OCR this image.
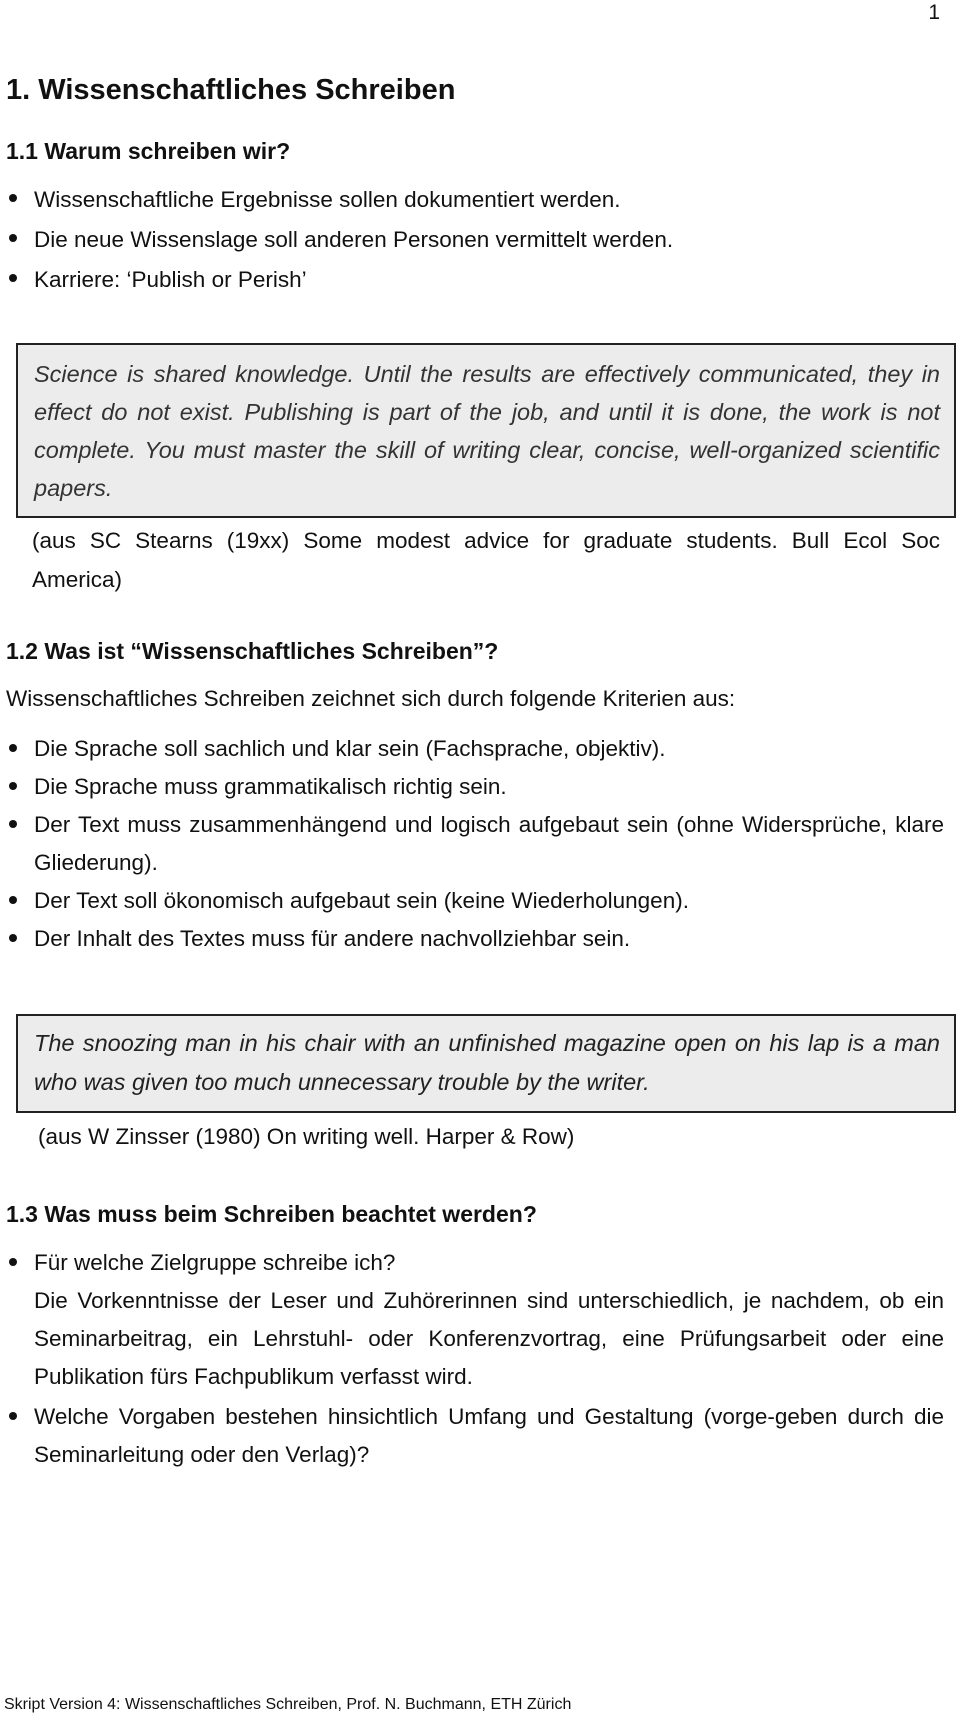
1
1. Wissenschaftliches Schreiben
1.1 Warum schreiben wir?
Wissenschaftliche Ergebnisse sollen dokumentiert werden.
Die neue Wissenslage soll anderen Personen vermittelt werden.
Karriere: ‘Publish or Perish’
Science is shared knowledge. Until the results are effectively communicated, they in effect do not exist. Publishing is part of the job, and until it is done, the work is not complete. You must master the skill of writing clear, concise, well-organized scientific papers.
(aus SC Stearns (19xx) Some modest advice for graduate students. Bull Ecol Soc America)
1.2 Was ist “Wissenschaftliches Schreiben”?
Wissenschaftliches Schreiben zeichnet sich durch folgende Kriterien aus:
Die Sprache soll sachlich und klar sein (Fachsprache, objektiv).
Die Sprache muss grammatikalisch richtig sein.
Der Text muss zusammenhängend und logisch aufgebaut sein (ohne Widersprüche, klare Gliederung).
Der Text soll ökonomisch aufgebaut sein (keine Wiederholungen).
Der Inhalt des Textes muss für andere nachvollziehbar sein.
The snoozing man in his chair with an unfinished magazine open on his lap is a man who was given too much unnecessary trouble by the writer.
(aus W Zinsser (1980) On writing well. Harper & Row)
1.3 Was muss beim Schreiben beachtet werden?
Für welche Zielgruppe schreibe ich?
Die Vorkenntnisse der Leser und Zuhörerinnen sind unterschiedlich, je nachdem, ob ein Seminarbeitrag, ein Lehrstuhl- oder Konferenzvortrag, eine Prüfungsarbeit oder eine Publikation fürs Fachpublikum verfasst wird.
Welche Vorgaben bestehen hinsichtlich Umfang und Gestaltung (vorge-geben durch die Seminarleitung oder den Verlag)?
Skript Version 4: Wissenschaftliches Schreiben, Prof. N. Buchmann, ETH Zürich
